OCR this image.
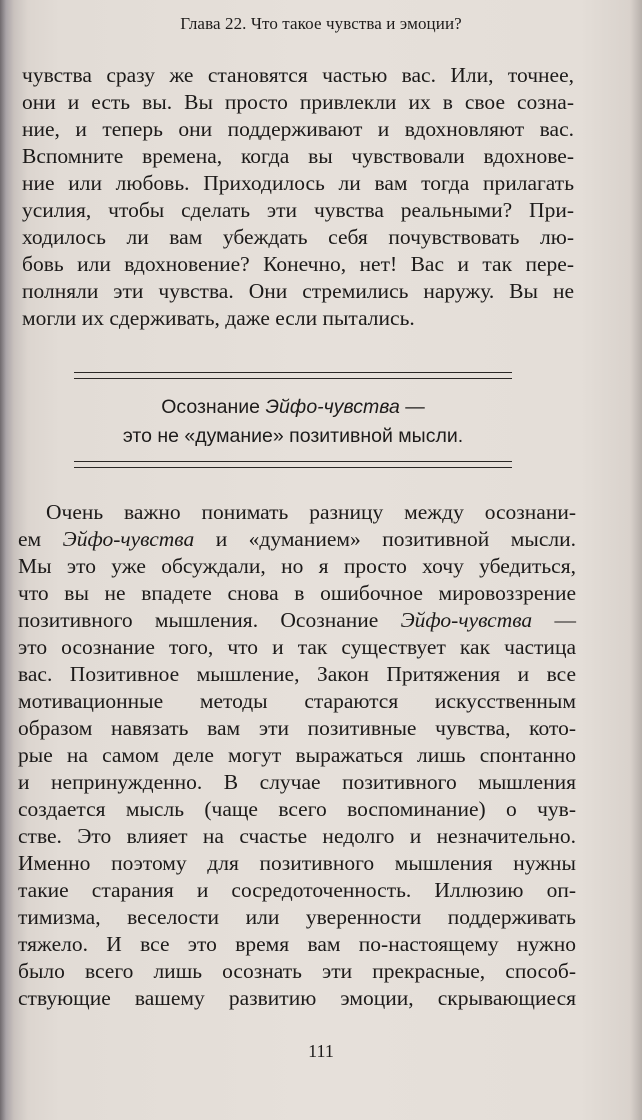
Глава 22. Что такое чувства и эмоции?
чувства сразу же становятся частью вас. Или, точнее,
они и есть вы. Вы просто привлекли их в свое созна-
ние, и теперь они поддерживают и вдохновляют вас.
Вспомните времена, когда вы чувствовали вдохнове-
ние или любовь. Приходилось ли вам тогда прилагать
усилия, чтобы сделать эти чувства реальными? При-
ходилось ли вам убеждать себя почувствовать лю-
бовь или вдохновение? Конечно, нет! Вас и так пере-
полняли эти чувства. Они стремились наружу. Вы не
могли их сдерживать, даже если пытались.
Осознание Эйфо-чувства —
это не «думание» позитивной мысли.
Очень важно понимать разницу между осознани-
ем Эйфо-чувства и «думанием» позитивной мысли.
Мы это уже обсуждали, но я просто хочу убедиться,
что вы не впадете снова в ошибочное мировоззрение
позитивного мышления. Осознание Эйфо-чувства —
это осознание того, что и так существует как частица
вас. Позитивное мышление, Закон Притяжения и все
мотивационные методы стараются искусственным
образом навязать вам эти позитивные чувства, кото-
рые на самом деле могут выражаться лишь спонтанно
и непринужденно. В случае позитивного мышления
создается мысль (чаще всего воспоминание) о чув-
стве. Это влияет на счастье недолго и незначительно.
Именно поэтому для позитивного мышления нужны
такие старания и сосредоточенность. Иллюзию оп-
тимизма, веселости или уверенности поддерживать
тяжело. И все это время вам по-настоящему нужно
было всего лишь осознать эти прекрасные, способ-
ствующие вашему развитию эмоции, скрывающиеся
111
